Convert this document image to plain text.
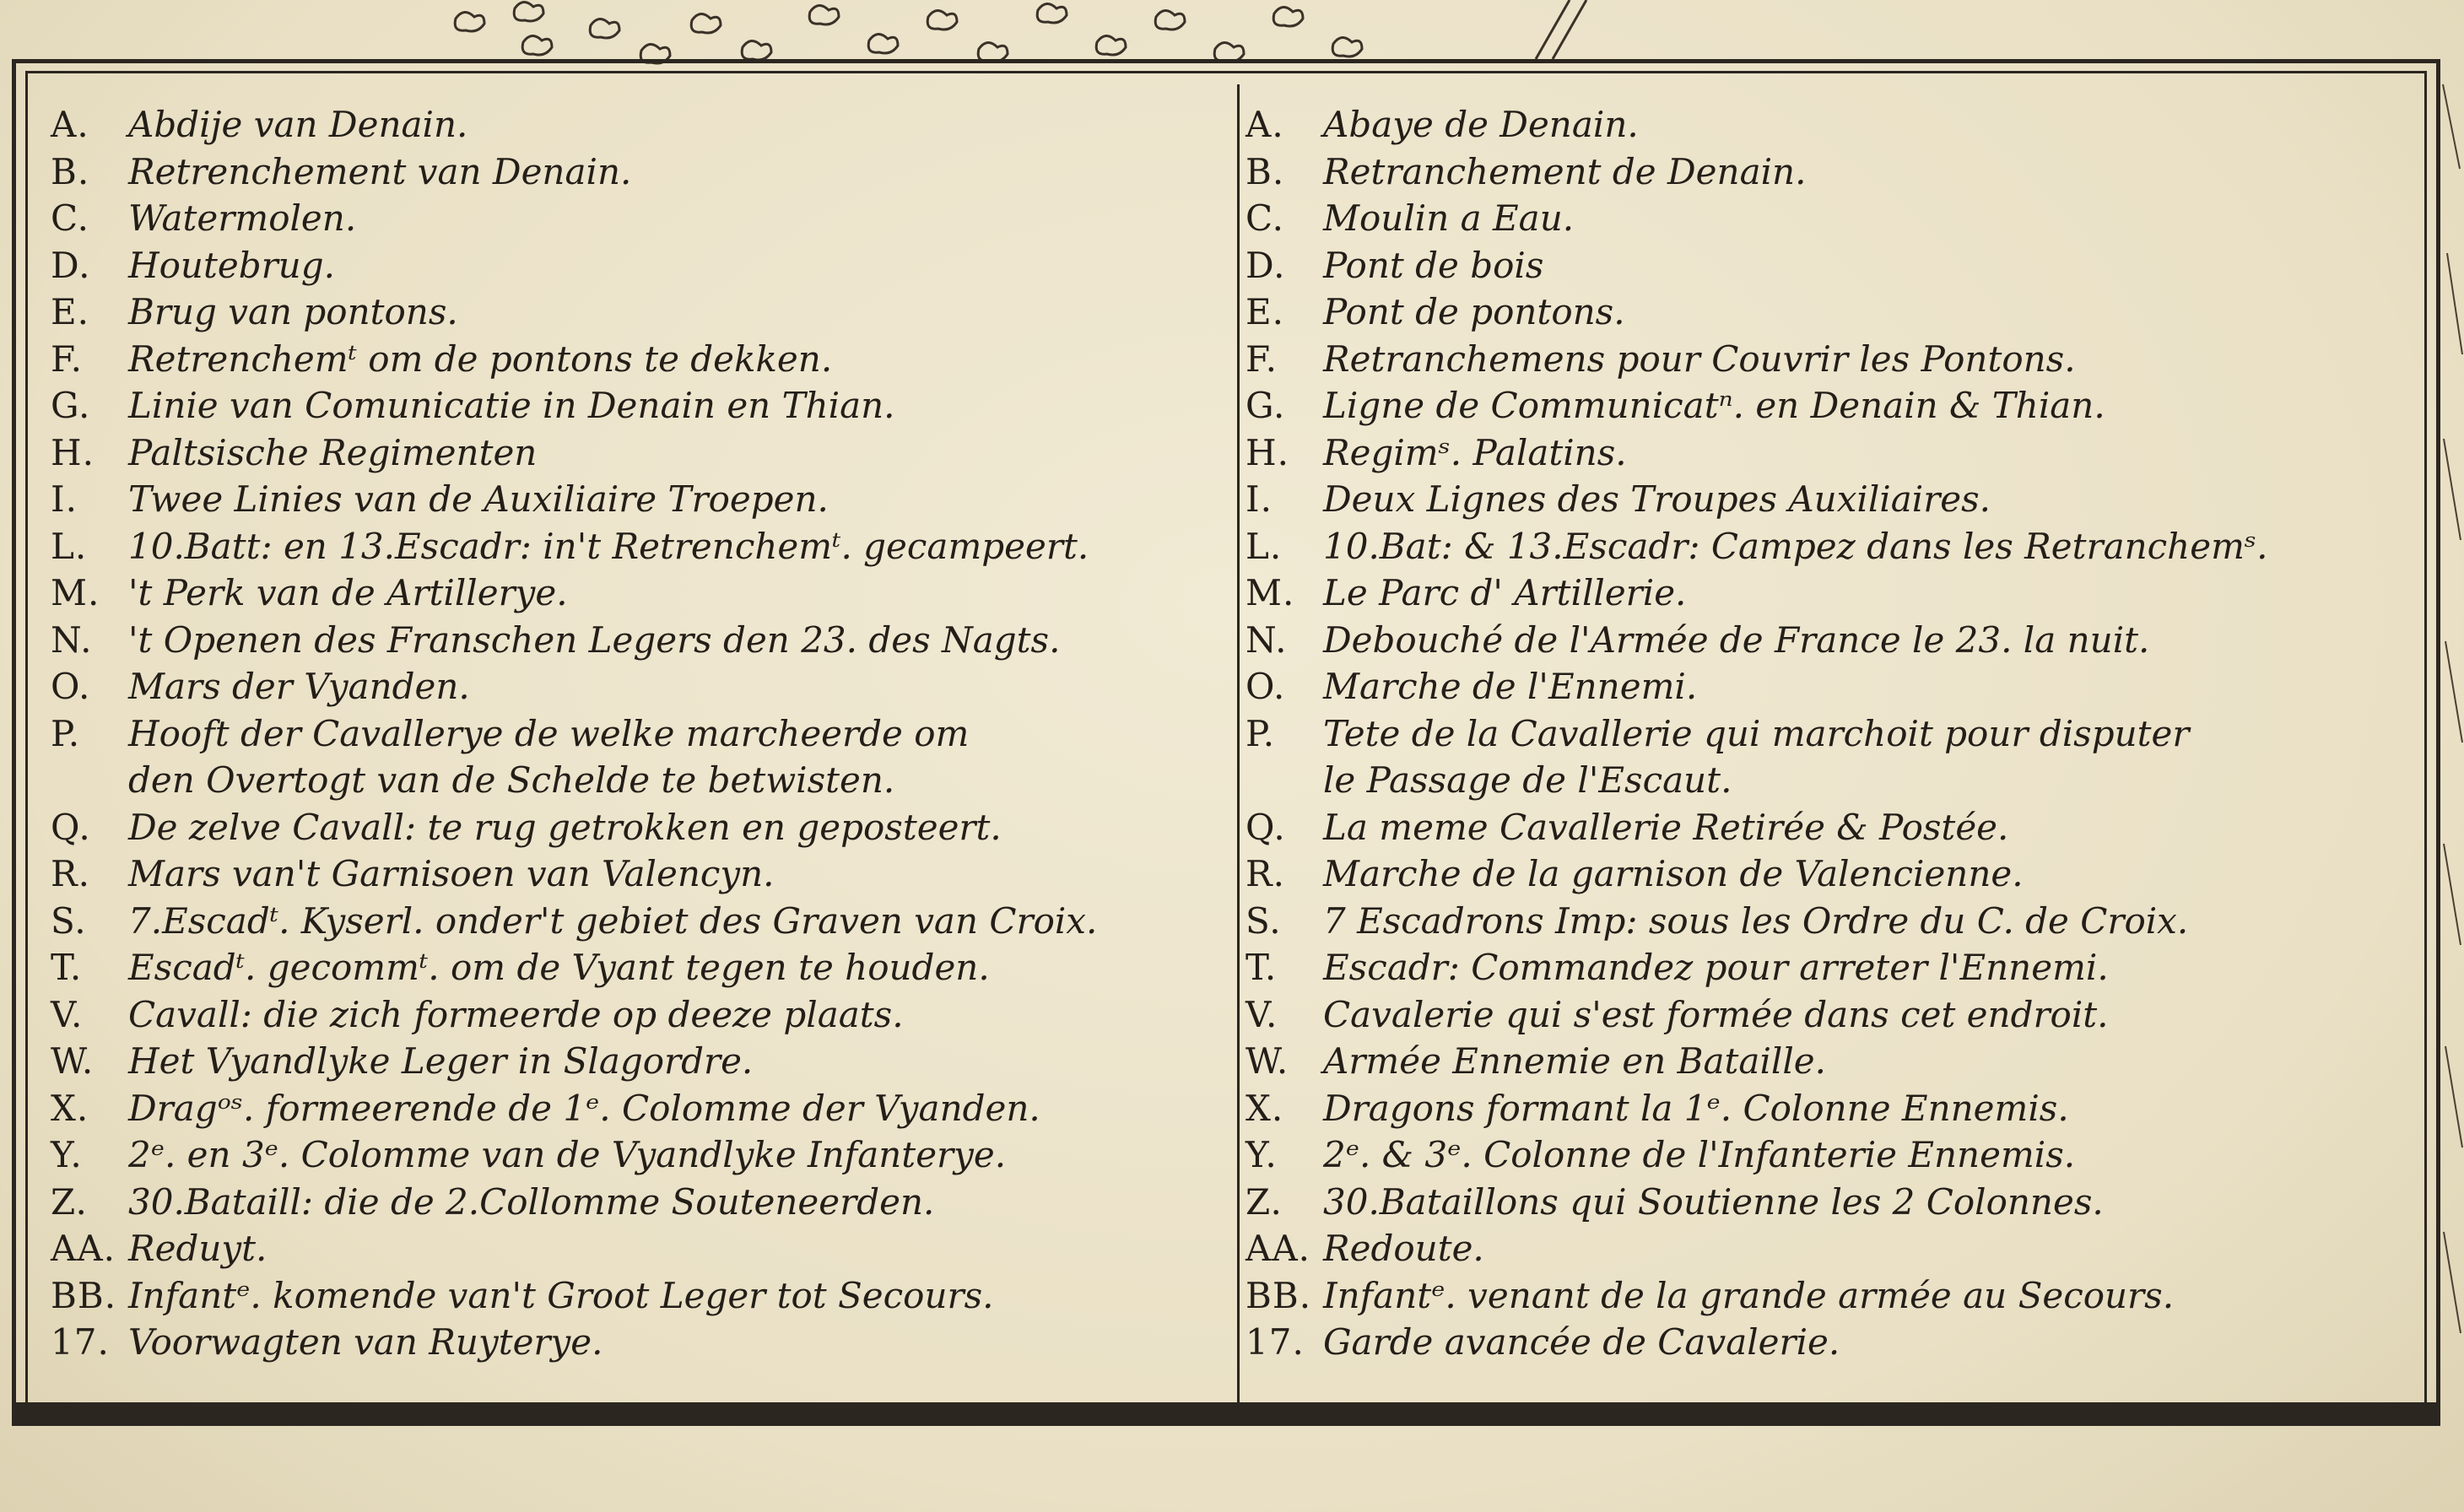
A.	Abdije van Denain.
B.	Retrenchement van Denain.
C.	Watermolen.
D.	Houtebrug.
E.	Brug van pontons.
F.	Retrenchemᵗ om de pontons te dekken.
G.	Linie van Comunicatie in Denain en Thian.
H. Paltsische Regimenten
I.	Twee Linies van de Auxiliaire Troepen.
L.	10.Batt: en 13.Escadr: in't Retrenchemᵗ. gecampeert.
M. 't Perk van de Artillerye.
N.	't Openen des Franschen Legers den 23. des Nagts.
O.	Mars der Vyanden.
P.	Hooft der Cavallerye de welke marcheerde om
den Overtogt van de Schelde te betwisten.
Q.	De zelve Cavall: te rug getrokken en geposteert.
R.	Mars van't Garnisoen van Valencyn.
S.	7.Escadᵗ. Kyserl. onder't gebiet des Graven van Croix.
T.	Escadᵗ. gecommᵗ. om de Vyant tegen te houden.
V.	Cavall: die zich formeerde op deeze plaats.
W. Het Vyandlyke Leger in Slagordre.
X.	Dragᵒˢ. formeerende de 1ᵉ. Colomme der Vyanden.
Y.	2ᵉ. en 3ᵉ. Colomme van de Vyandlyke Infanterye.
Z.	30.Bataill: die de 2.Collomme Souteneerden.
AA. Reduyt.
BB. Infantᵉ. komende van't Groot Leger tot Secours.
17. Voorwagten van Ruyterye.
A.	Abaye de Denain.
B.	Retranchement de Denain.
C.	Moulin a Eau.
D.	Pont de bois
E.	Pont de pontons.
F.	Retranchemens pour Couvrir les Pontons.
G.	Ligne de Communicatⁿ. en Denain & Thian.
H. Regimˢ. Palatins.
I.	Deux Lignes des Troupes Auxiliaires.
L.	10.Bat: & 13.Escadr: Campez dans les Retranchemˢ.
M. Le Parc d' Artillerie.
N.	Debouché de l'Armée de France le 23. la nuit.
O.	Marche de l'Ennemi.
P.	Tete de la Cavallerie qui marchoit pour disputer
le Passage de l'Escaut.
Q.	La meme Cavallerie Retirée & Postée.
R.	Marche de la garnison de Valencienne.
S.	7 Escadrons Imp: sous les Ordre du C. de Croix.
T.	Escadr: Commandez pour arreter l'Ennemi.
V.	Cavalerie qui s'est formée dans cet endroit.
W. Armée Ennemie en Bataille.
X.	Dragons formant la 1ᵉ. Colonne Ennemis.
Y.	2ᵉ. & 3ᵉ. Colonne de l'Infanterie Ennemis.
Z.	30.Bataillons qui Soutienne les 2 Colonnes.
AA. Redoute.
BB. Infantᵉ. venant de la grande armée au Secours.
17. Garde avancée de Cavalerie.
